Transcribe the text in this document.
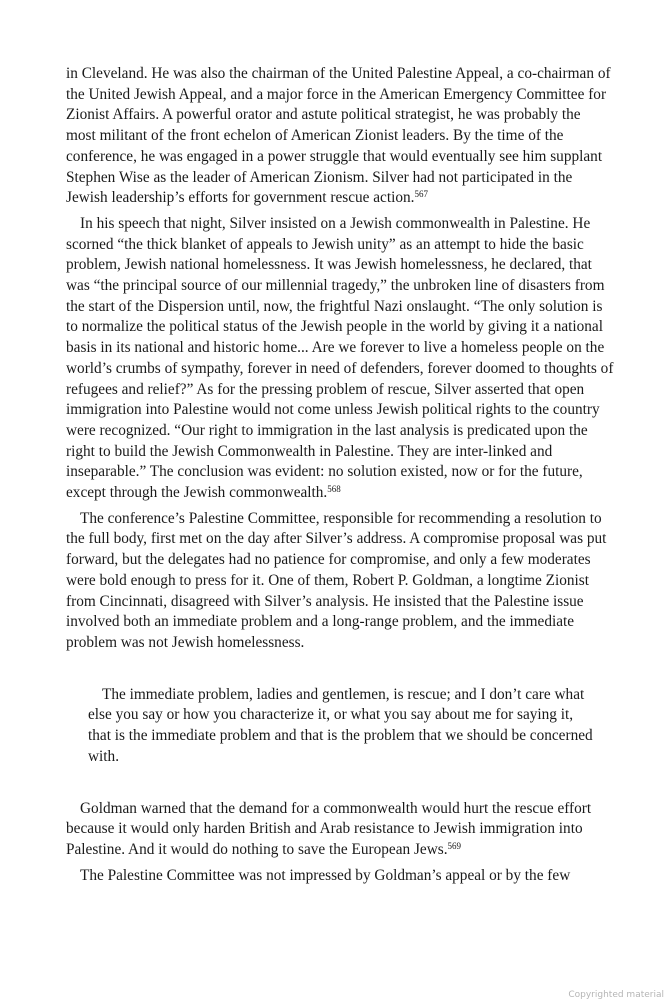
in Cleveland. He was also the chairman of the United Palestine Appeal, a co-chairman of the United Jewish Appeal, and a major force in the American Emergency Committee for Zionist Affairs. A powerful orator and astute political strategist, he was probably the most militant of the front echelon of American Zionist leaders. By the time of the conference, he was engaged in a power struggle that would eventually see him supplant Stephen Wise as the leader of American Zionism. Silver had not participated in the Jewish leadership’s efforts for government rescue action.$^{567}$

In his speech that night, Silver insisted on a Jewish commonwealth in Palestine. He scorned “the thick blanket of appeals to Jewish unity” as an attempt to hide the basic problem, Jewish national homelessness. It was Jewish homelessness, he declared, that was “the principal source of our millennial tragedy,” the unbroken line of disasters from the start of the Dispersion until, now, the frightful Nazi onslaught. “The only solution is to normalize the political status of the Jewish people in the world by giving it a national basis in its national and historic home... Are we forever to live a homeless people on the world’s crumbs of sympathy, forever in need of defenders, forever doomed to thoughts of refugees and relief?” As for the pressing problem of rescue, Silver asserted that open immigration into Palestine would not come unless Jewish political rights to the country were recognized. “Our right to immigration in the last analysis is predicated upon the right to build the Jewish Commonwealth in Palestine. They are inter-linked and inseparable.” The conclusion was evident: no solution existed, now or for the future, except through the Jewish commonwealth.$^{568}$

The conference’s Palestine Committee, responsible for recommending a resolution to the full body, first met on the day after Silver’s address. A compromise proposal was put forward, but the delegates had no patience for compromise, and only a few moderates were bold enough to press for it. One of them, Robert P. Goldman, a longtime Zionist from Cincinnati, disagreed with Silver’s analysis. He insisted that the Palestine issue involved both an immediate problem and a long-range problem, and the immediate problem was not Jewish homelessness.

The immediate problem, ladies and gentlemen, is rescue; and I don’t care what else you say or how you characterize it, or what you say about me for saying it, that is the immediate problem and that is the problem that we should be concerned with.

Goldman warned that the demand for a commonwealth would hurt the rescue effort because it would only harden British and Arab resistance to Jewish immigration into Palestine. And it would do nothing to save the European Jews.$^{569}$

The Palestine Committee was not impressed by Goldman’s appeal or by the few

Copyrighted material
